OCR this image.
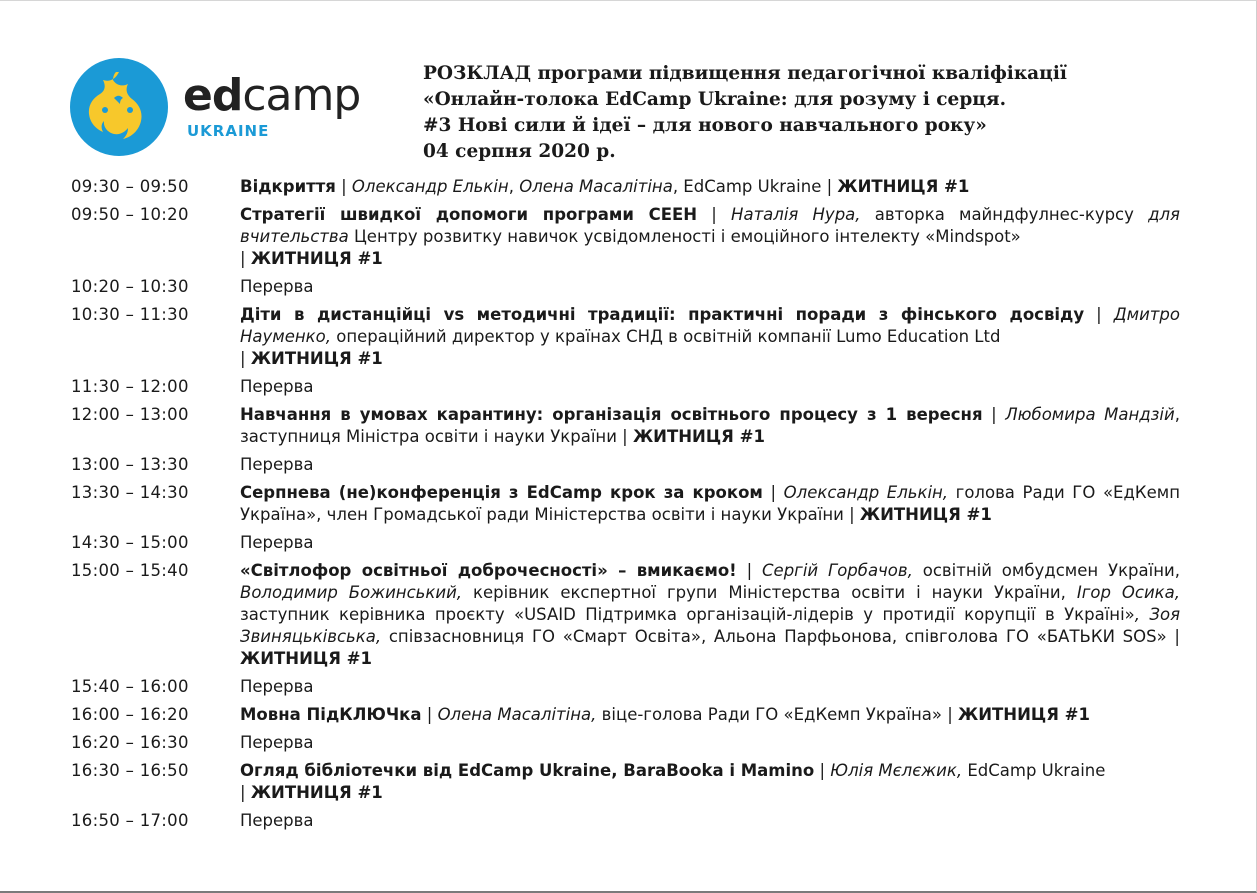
edcamp
UKRAINE
РОЗКЛАД програми підвищення педагогічної кваліфікації
«Онлайн-толока EdCamp Ukraine: для розуму і серця.
#3 Нові сили й ідеї – для нового навчального року»
04 серпня 2020 р.
09:30 – 09:50	Відкриття | Олександр Елькін, Олена Масалітіна, EdCamp Ukraine | ЖИТНИЦЯ #1
09:50 – 10:20	Стратегії швидкої допомоги програми СЕЕН | Наталія Нура, авторка майндфулнес-курсу для вчительства Центру розвитку навичок усвідомленості і емоційного інтелекту «Mindspot»
| ЖИТНИЦЯ #1
10:20 – 10:30	Перерва
10:30 – 11:30	Діти в дистанційці vs методичні традиції: практичні поради з фінського досвіду | Дмитро Науменко, операційний директор у країнах СНД в освітній компанії Lumo Education Ltd
| ЖИТНИЦЯ #1
11:30 – 12:00	Перерва
12:00 – 13:00	Навчання в умовах карантину: організація освітнього процесу з 1 вересня | Любомира Мандзій, заступниця Міністра освіти і науки України | ЖИТНИЦЯ #1
13:00 – 13:30	Перерва
13:30 – 14:30	Серпнева (не)конференція з EdCamp крок за кроком | Олександр Елькін, голова Ради ГО «ЕдКемп Україна», член Громадської ради Міністерства освіти і науки України | ЖИТНИЦЯ #1
14:30 – 15:00	Перерва
15:00 – 15:40	«Світлофор освітньої доброчесності» – вмикаємо! | Сергій Горбачов, освітній омбудсмен України, Володимир Божинський, керівник експертної групи Міністерства освіти і науки України, Ігор Осика, заступник керівника проєкту «USAID Підтримка організацій-лідерів у протидії корупції в Україні», Зоя Звиняцьківська, співзасновниця ГО «Смарт Освіта», Альона Парфьонова, співголова ГО «БАТЬКИ SOS» | ЖИТНИЦЯ #1
15:40 – 16:00	Перерва
16:00 – 16:20	Мовна ПідКЛЮЧка | Олена Масалітіна, віце-голова Ради ГО «ЕдКемп Україна» | ЖИТНИЦЯ #1
16:20 – 16:30	Перерва
16:30 – 16:50	Огляд бібліотечки від EdCamp Ukraine, BaraBooka і Mamino | Юлія Мєлєжик, EdCamp Ukraine
| ЖИТНИЦЯ #1
16:50 – 17:00	Перерва
